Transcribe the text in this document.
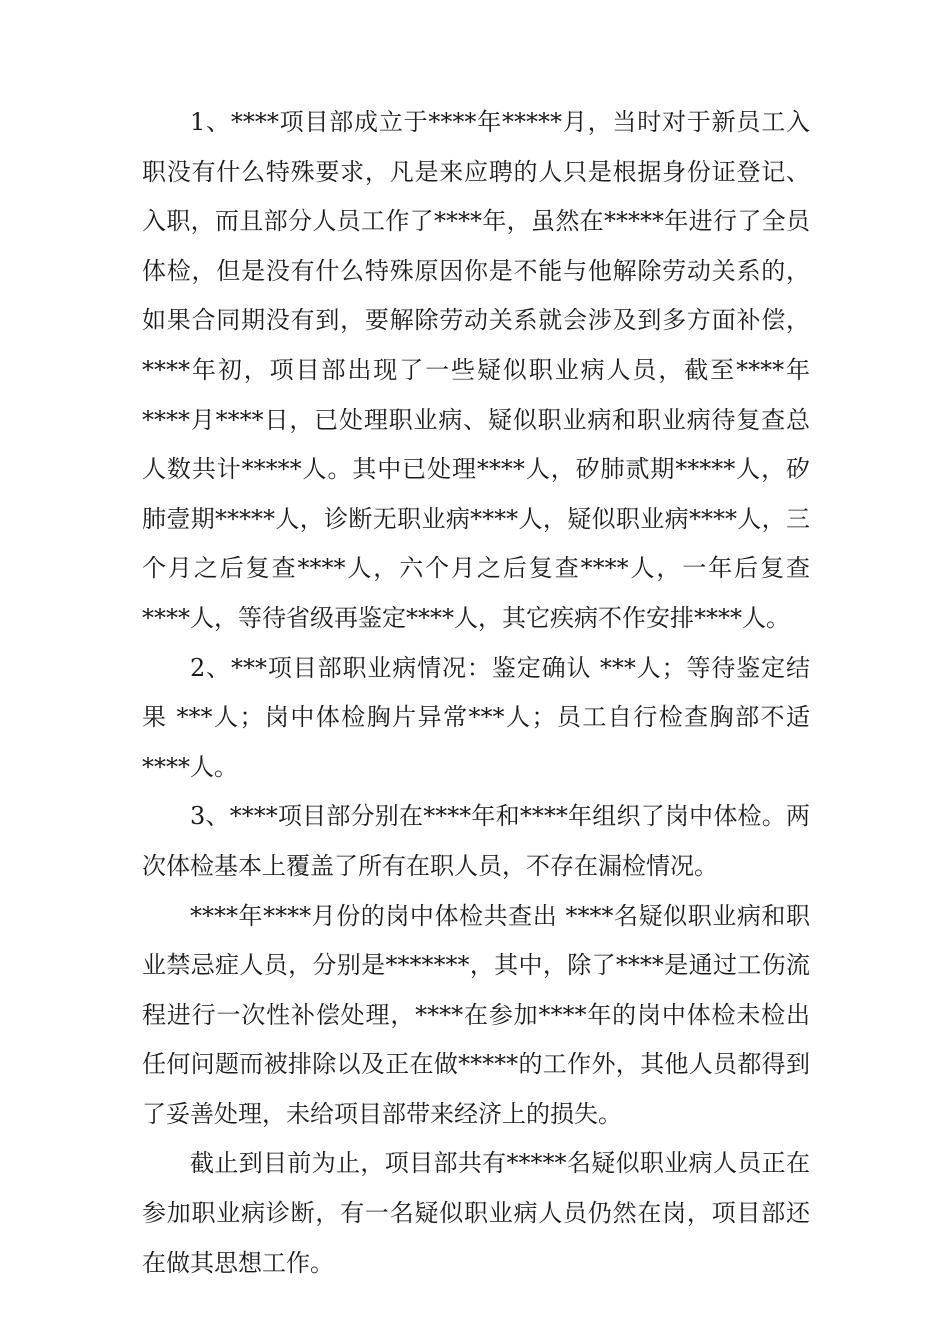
1、****项目部成立于****年*****月，当时对于新员工入职没有什么特殊要求，凡是来应聘的人只是根据身份证登记、入职，而且部分人员工作了****年，虽然在*****年进行了全员体检，但是没有什么特殊原因你是不能与他解除劳动关系的，如果合同期没有到，要解除劳动关系就会涉及到多方面补偿，****年初，项目部出现了一些疑似职业病人员，截至****年****月****日，已处理职业病、疑似职业病和职业病待复查总人数共计*****人。其中已处理****人，矽肺贰期*****人，矽肺壹期*****人，诊断无职业病****人，疑似职业病****人，三个月之后复查****人，六个月之后复查****人，一年后复查****人，等待省级再鉴定****人，其它疾病不作安排****人。

2、***项目部职业病情况：鉴定确认 ***人；等待鉴定结果 ***人；岗中体检胸片异常***人；员工自行检查胸部不适****人。

3、****项目部分别在****年和****年组织了岗中体检。两次体检基本上覆盖了所有在职人员，不存在漏检情况。

****年****月份的岗中体检共查出 ****名疑似职业病和职业禁忌症人员，分别是*******，其中，除了****是通过工伤流程进行一次性补偿处理，****在参加****年的岗中体检未检出任何问题而被排除以及正在做*****的工作外，其他人员都得到了妥善处理，未给项目部带来经济上的损失。

截止到目前为止，项目部共有*****名疑似职业病人员正在参加职业病诊断，有一名疑似职业病人员仍然在岗，项目部还在做其思想工作。
